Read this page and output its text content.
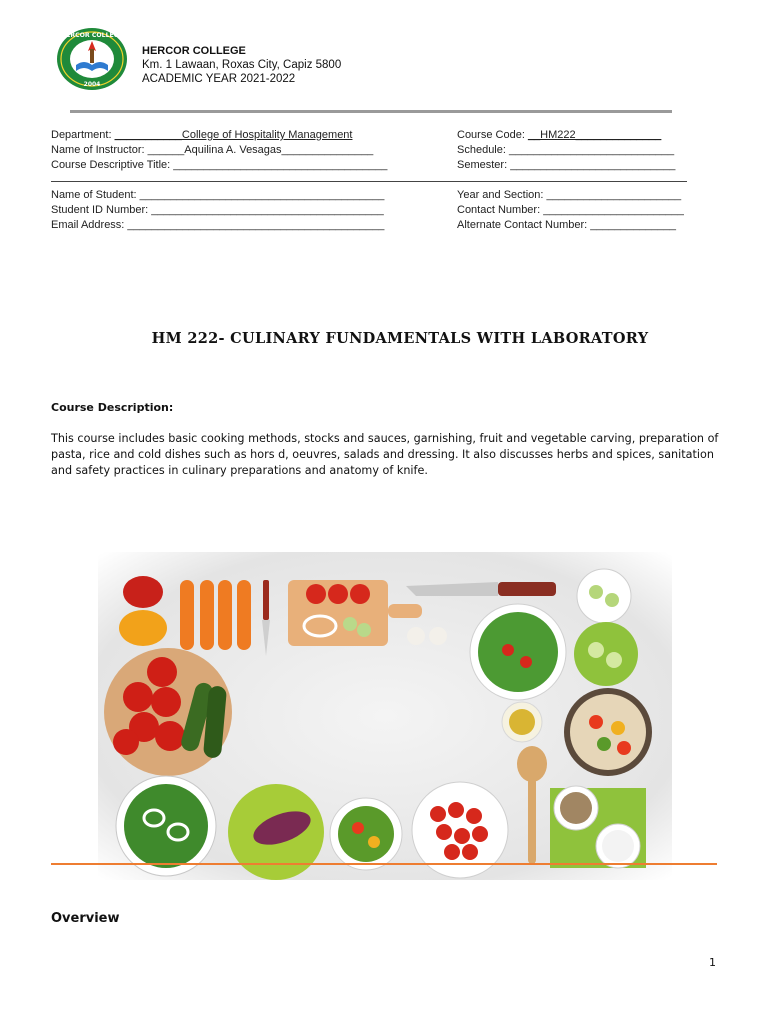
HERCOR COLLEGE
2004
HERCOR COLLEGE
Km. 1 Lawaan, Roxas City, Capiz 5800
ACADEMIC YEAR 2021-2022
Department: ___________College of Hospitality Management
Name of Instructor: ______Aquilina A. Vesagas_______________
Course Descriptive Title: ___________________________________
Course Code: __HM222______________
Schedule: ___________________________
Semester: ___________________________
Name of Student: ________________________________________
Student ID Number: ______________________________________
Email Address: __________________________________________
Year and Section: ______________________
Contact Number: _______________________
Alternate Contact Number: ______________
HM 222- CULINARY FUNDAMENTALS WITH LABORATORY
Course Description:
This course includes basic cooking methods, stocks and sauces, garnishing, fruit and vegetable carving, preparation of pasta, rice and cold dishes such as hors d, oeuvres, salads and dressing. It also discusses herbs and spices, sanitation and safety practices in culinary preparations and anatomy of knife.
Overview
1
